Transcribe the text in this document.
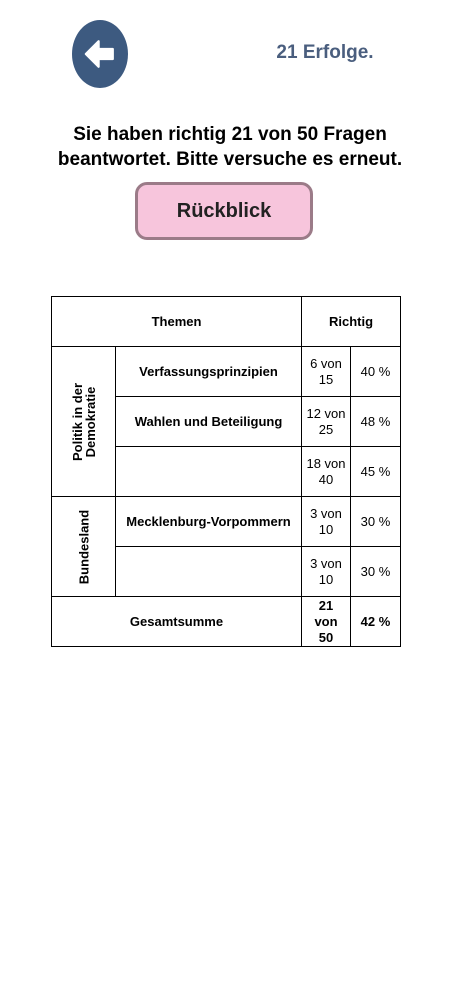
21 Erfolge.
Sie haben richtig 21 von 50 Fragen beantwortet. Bitte versuche es erneut.
Rückblick
Themen		Richtig	

Politik in der Demokratie	Verfassungsprinzipien	6 von 15	40 %
	Wahlen und Beteiligung	12 von 25	48 %
		18 von 40	45 %

Bundesland	Mecklenburg-Vorpommern	3 von 10	30 %
		3 von 10	30 %
Gesamtsumme		21 von 50	42 %
